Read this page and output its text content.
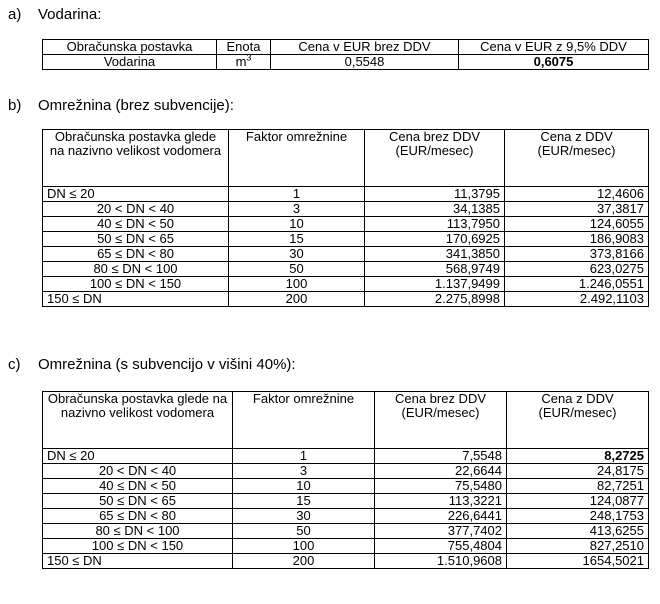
a) Vodarina:
Obračunska postavka	Enota	Cena v EUR brez DDV	Cena v EUR z 9,5% DDV
Vodarina	$m^3$	0,5548	0,6075
b) Omrežnina (brez subvencije):
Obračunska postavka glede na nazivno velikost vodomera	Faktor omrežnine	Cena brez DDV (EUR/mesec)	Cena z DDV (EUR/mesec)
DN ≤ 20	1	11,3795	12,4606
20 < DN < 40	3	34,1385	37,3817
40 ≤ DN < 50	10	113,7950	124,6055
50 ≤ DN < 65	15	170,6925	186,9083
65 ≤ DN < 80	30	341,3850	373,8166
80 ≤ DN < 100	50	568,9749	623,0275
100 ≤ DN < 150	100	1.137,9499	1.246,0551
150 ≤ DN	200	2.275,8998	2.492,1103
c) Omrežnina (s subvencijo v višini 40%):
Obračunska postavka glede na nazivno velikost vodomera	Faktor omrežnine	Cena brez DDV (EUR/mesec)	Cena z DDV (EUR/mesec)
DN ≤ 20	1	7,5548	8,2725
20 < DN < 40	3	22,6644	24,8175
40 ≤ DN < 50	10	75,5480	82,7251
50 ≤ DN < 65	15	113,3221	124,0877
65 ≤ DN < 80	30	226,6441	248,1753
80 ≤ DN < 100	50	377,7402	413,6255
100 ≤ DN < 150	100	755,4804	827,2510
150 ≤ DN	200	1.510,9608	1654,5021
